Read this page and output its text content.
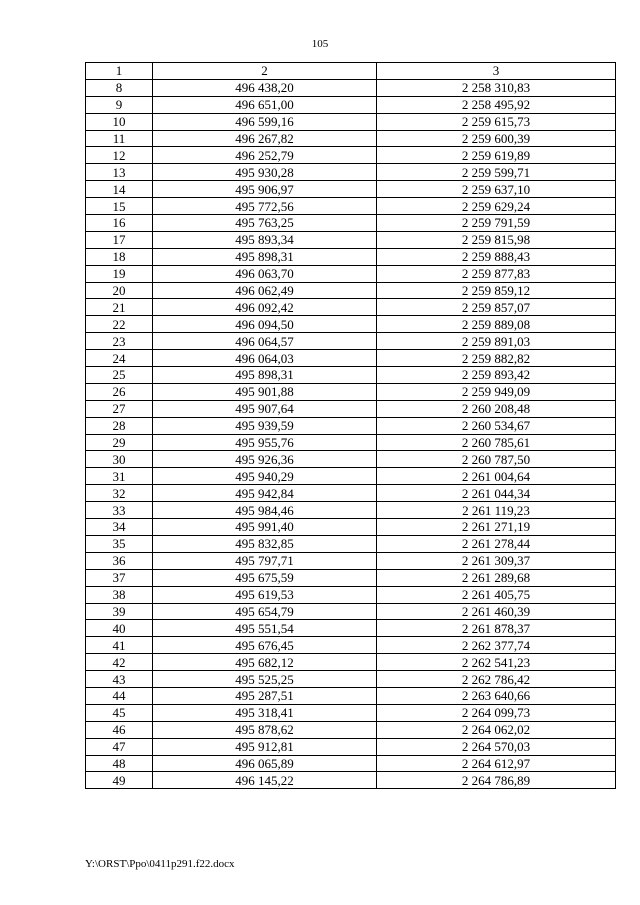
105
1	2	3
8	496 438,20	2 258 310,83
9	496 651,00	2 258 495,92
10	496 599,16	2 259 615,73
11	496 267,82	2 259 600,39
12	496 252,79	2 259 619,89
13	495 930,28	2 259 599,71
14	495 906,97	2 259 637,10
15	495 772,56	2 259 629,24
16	495 763,25	2 259 791,59
17	495 893,34	2 259 815,98
18	495 898,31	2 259 888,43
19	496 063,70	2 259 877,83
20	496 062,49	2 259 859,12
21	496 092,42	2 259 857,07
22	496 094,50	2 259 889,08
23	496 064,57	2 259 891,03
24	496 064,03	2 259 882,82
25	495 898,31	2 259 893,42
26	495 901,88	2 259 949,09
27	495 907,64	2 260 208,48
28	495 939,59	2 260 534,67
29	495 955,76	2 260 785,61
30	495 926,36	2 260 787,50
31	495 940,29	2 261 004,64
32	495 942,84	2 261 044,34
33	495 984,46	2 261 119,23
34	495 991,40	2 261 271,19
35	495 832,85	2 261 278,44
36	495 797,71	2 261 309,37
37	495 675,59	2 261 289,68
38	495 619,53	2 261 405,75
39	495 654,79	2 261 460,39
40	495 551,54	2 261 878,37
41	495 676,45	2 262 377,74
42	495 682,12	2 262 541,23
43	495 525,25	2 262 786,42
44	495 287,51	2 263 640,66
45	495 318,41	2 264 099,73
46	495 878,62	2 264 062,02
47	495 912,81	2 264 570,03
48	496 065,89	2 264 612,97
49	496 145,22	2 264 786,89
Y:\ORST\Ppo\0411p291.f22.docx
